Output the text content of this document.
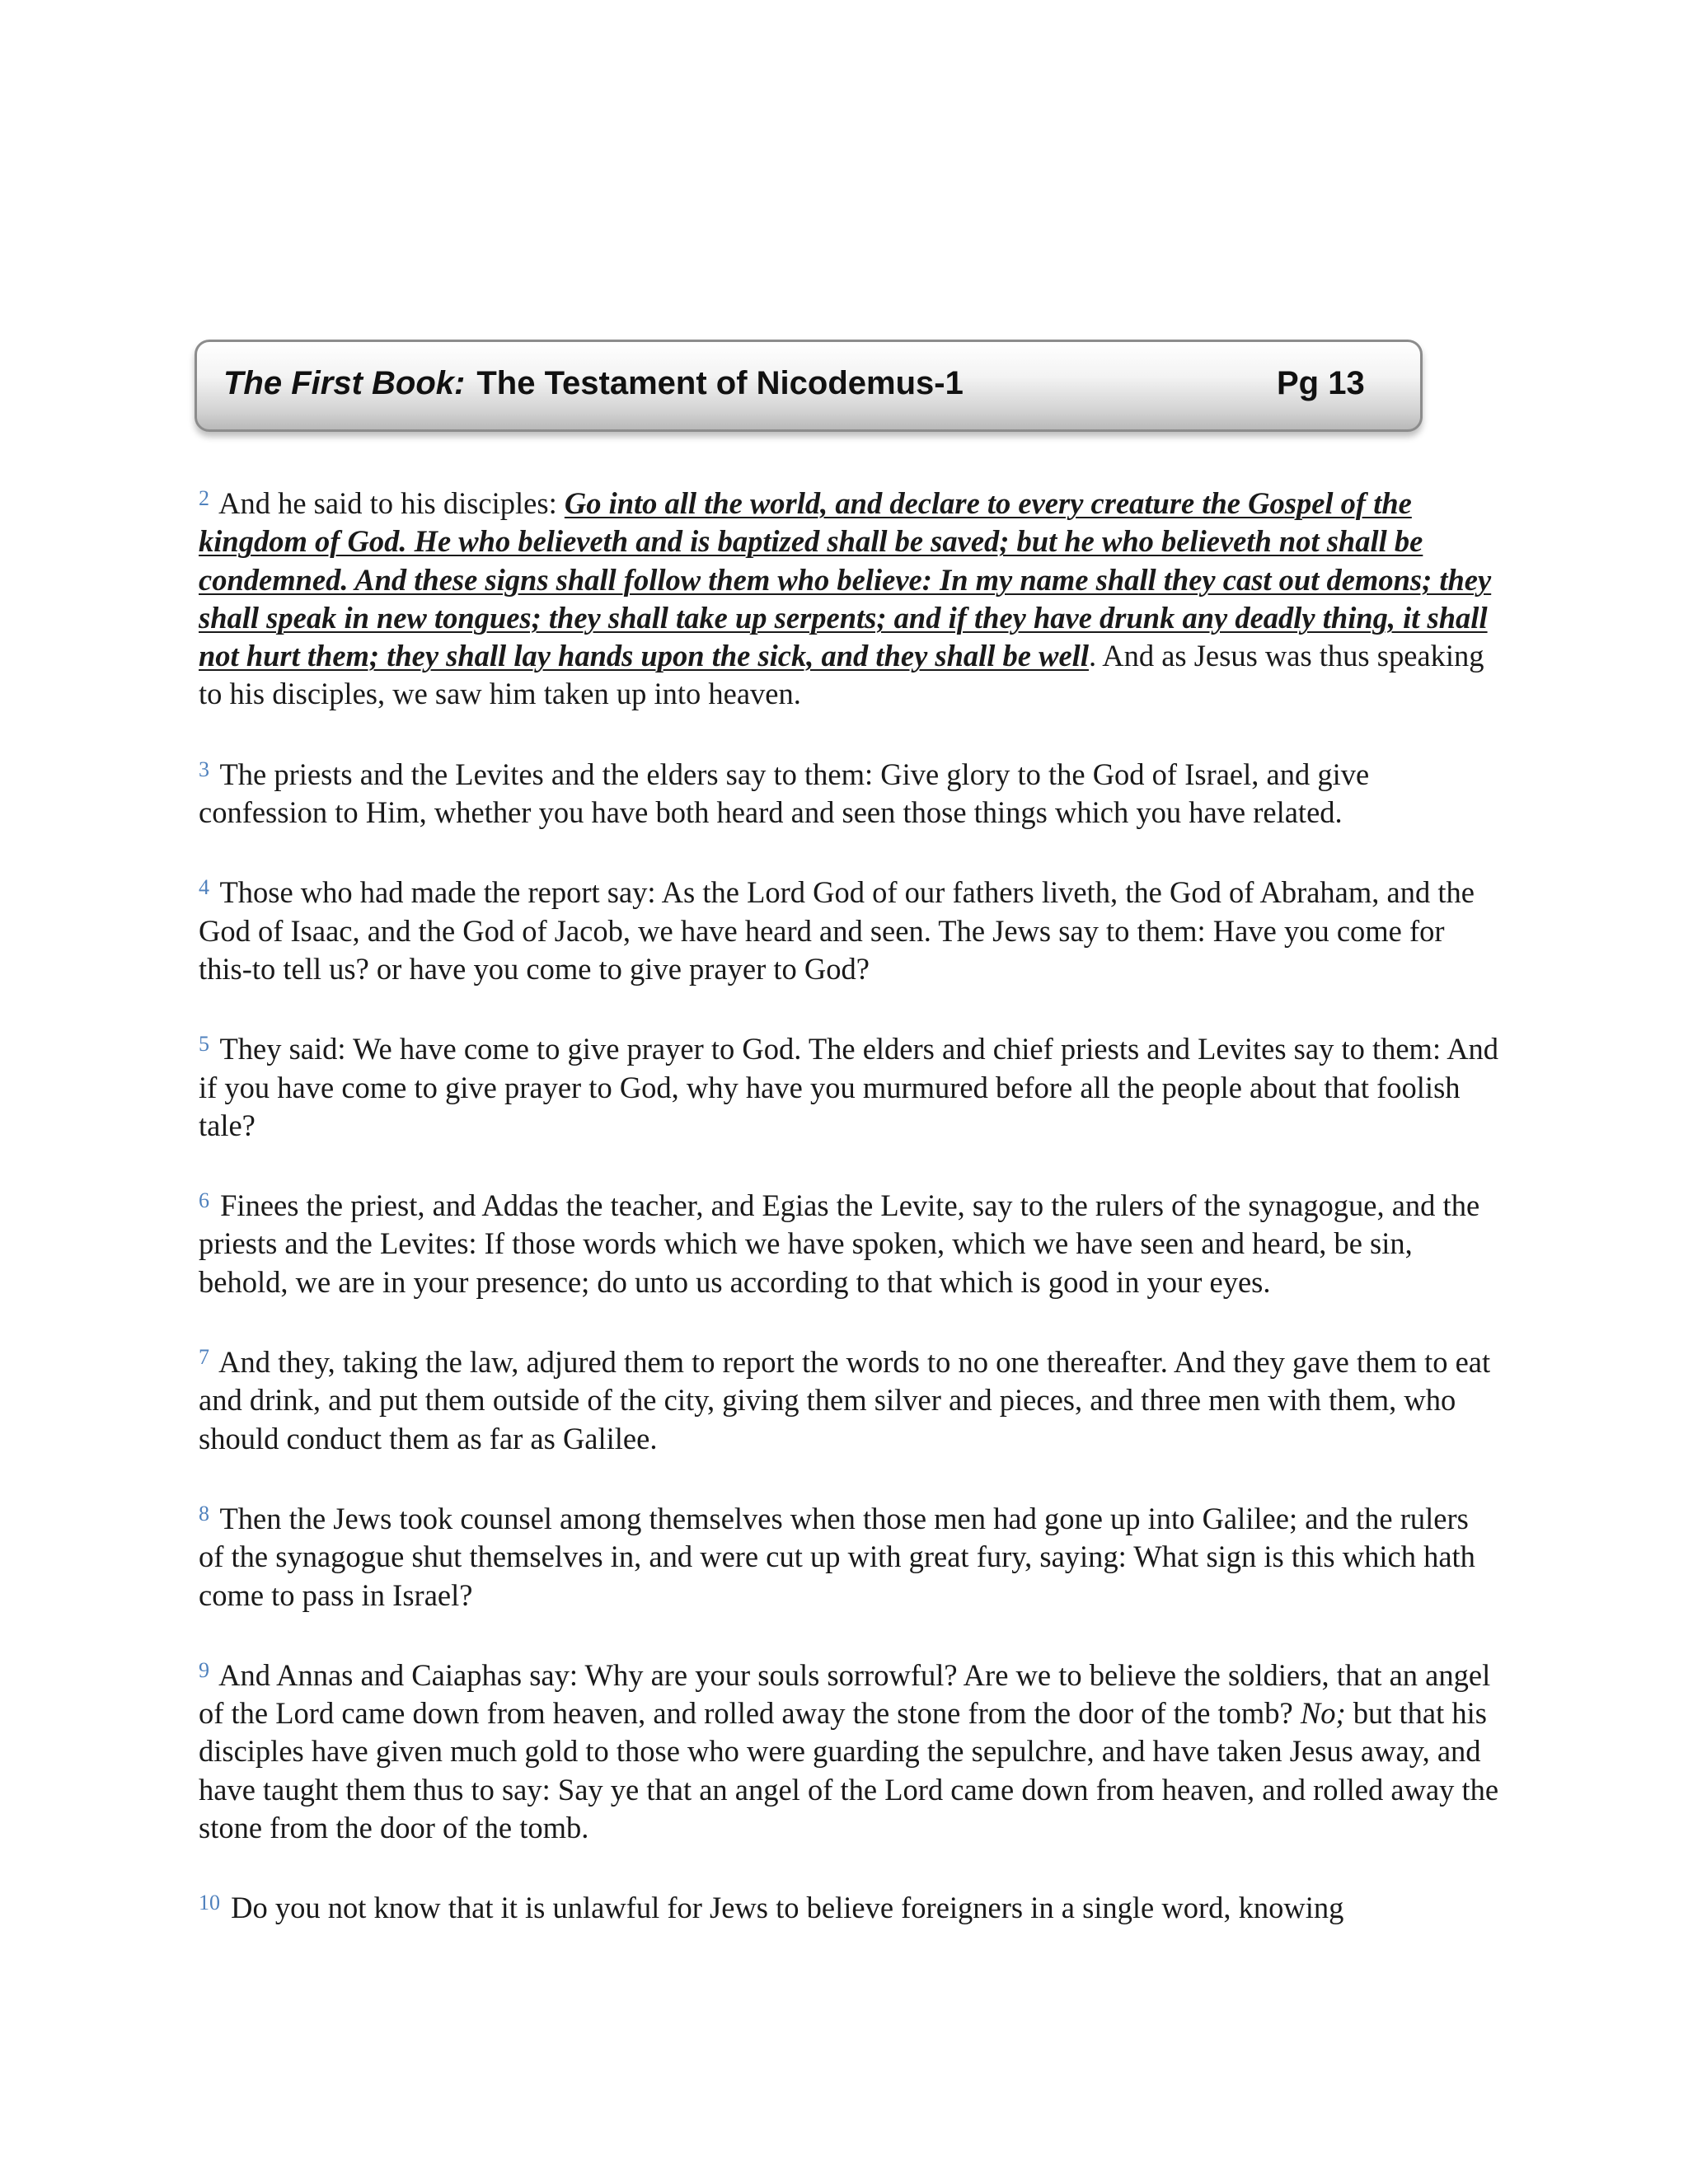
The First Book: The Testament of Nicodemus-1	Pg 13

$^2$ And he said to his disciples: Go into all the world, and declare to every creature the Gospel of the kingdom of God. He who believeth and is baptized shall be saved; but he who believeth not shall be condemned. And these signs shall follow them who believe: In my name shall they cast out demons; they shall speak in new tongues; they shall take up serpents; and if they have drunk any deadly thing, it shall not hurt them; they shall lay hands upon the sick, and they shall be well. And as Jesus was thus speaking to his disciples, we saw him taken up into heaven.

$^3$ The priests and the Levites and the elders say to them: Give glory to the God of Israel, and give confession to Him, whether you have both heard and seen those things which you have related.

$^4$ Those who had made the report say: As the Lord God of our fathers liveth, the God of Abraham, and the God of Isaac, and the God of Jacob, we have heard and seen. The Jews say to them: Have you come for this-to tell us? or have you come to give prayer to God?

$^5$ They said: We have come to give prayer to God. The elders and chief priests and Levites say to them: And if you have come to give prayer to God, why have you murmured before all the people about that foolish tale?

$^6$ Finees the priest, and Addas the teacher, and Egias the Levite, say to the rulers of the synagogue, and the priests and the Levites: If those words which we have spoken, which we have seen and heard, be sin, behold, we are in your presence; do unto us according to that which is good in your eyes.

$^7$ And they, taking the law, adjured them to report the words to no one thereafter. And they gave them to eat and drink, and put them outside of the city, giving them silver and pieces, and three men with them, who should conduct them as far as Galilee.

$^8$ Then the Jews took counsel among themselves when those men had gone up into Galilee; and the rulers of the synagogue shut themselves in, and were cut up with great fury, saying: What sign is this which hath come to pass in Israel?

$^9$ And Annas and Caiaphas say: Why are your souls sorrowful? Are we to believe the soldiers, that an angel of the Lord came down from heaven, and rolled away the stone from the door of the tomb? No; but that his disciples have given much gold to those who were guarding the sepulchre, and have taken Jesus away, and have taught them thus to say: Say ye that an angel of the Lord came down from heaven, and rolled away the stone from the door of the tomb.

$^{10}$ Do you not know that it is unlawful for Jews to believe foreigners in a single word, knowing
